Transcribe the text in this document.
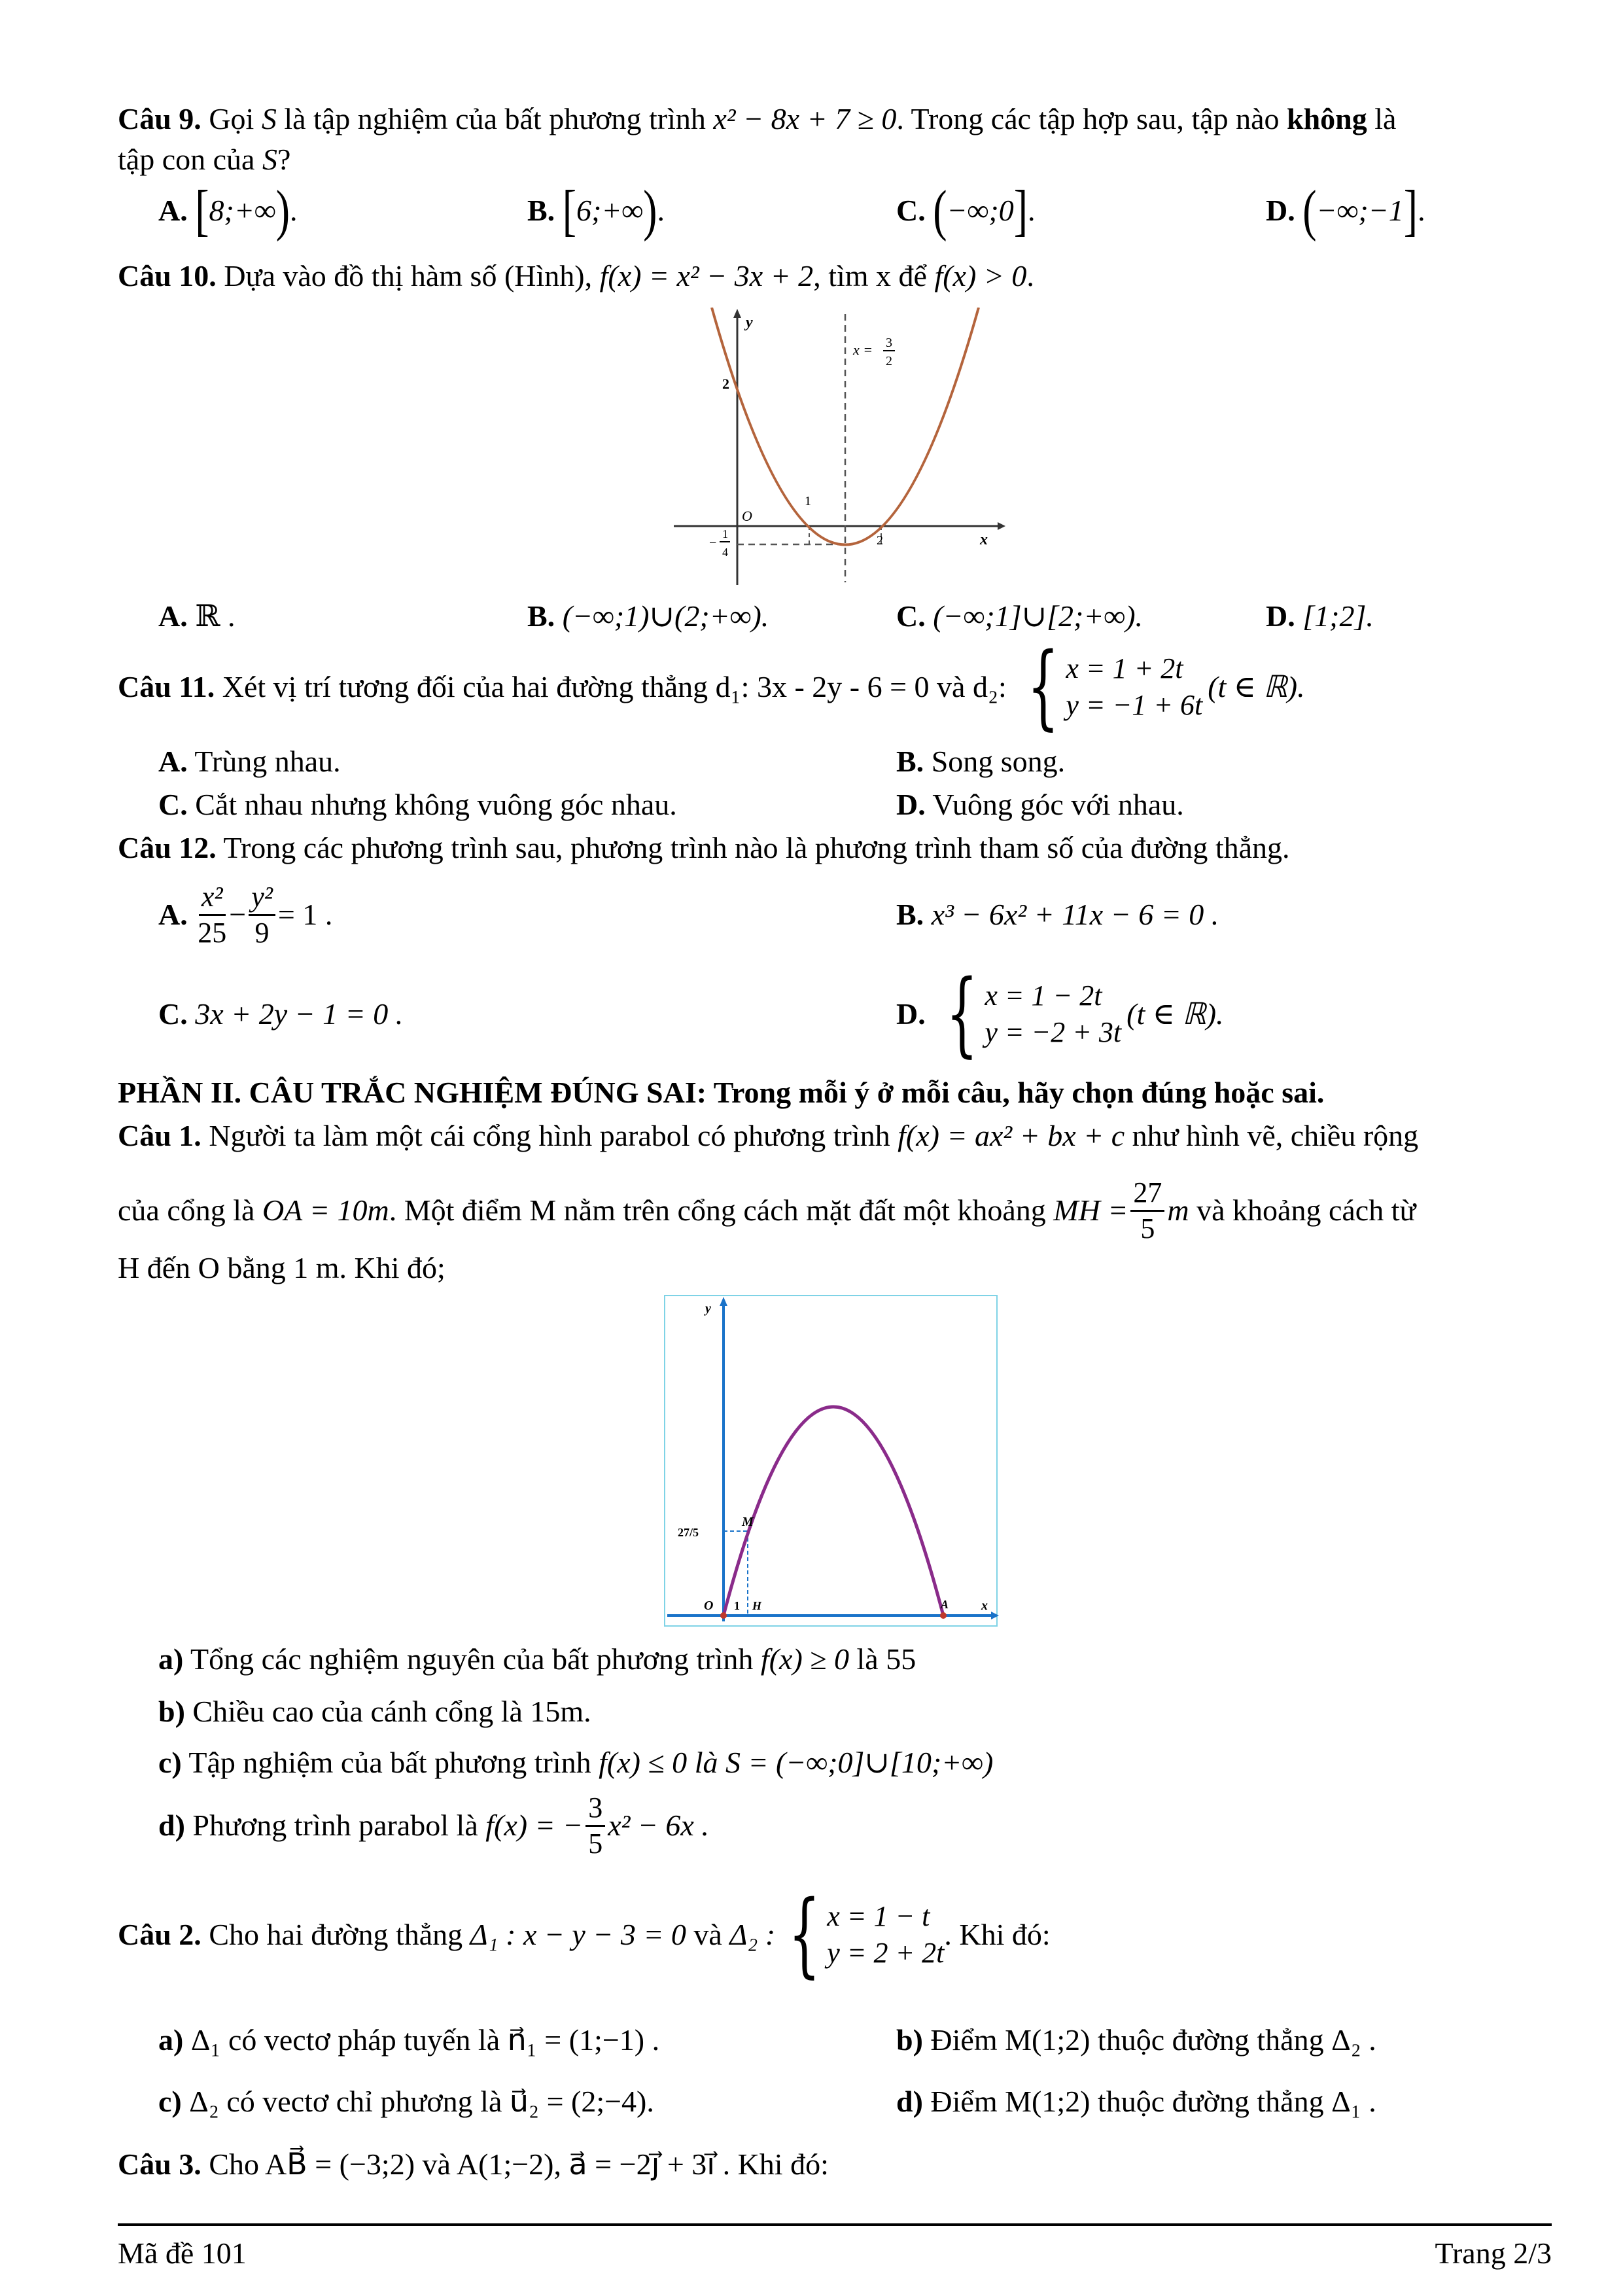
Câu 9. Gọi S là tập nghiệm của bất phương trình x² − 8x + 7 ≥ 0. Trong các tập hợp sau, tập nào không là
tập con của S?
A. [8;+∞).	B. [6;+∞).	C. (−∞;0].	D. (−∞;−1].
Câu 10. Dựa vào đồ thị hàm số (Hình), f(x) = x² − 3x + 2, tìm x để f(x) > 0.
y
x
O
2
1
2
x = 3
2
−
1
4
A. ℝ .	B. (−∞;1)∪(2;+∞).	C. (−∞;1]∪[2;+∞).	D. [1;2].
Câu 11. Xét vị trí tương đối của hai đường thẳng d₁: 3x - 2y - 6 = 0 và d₂: { x = 1 + 2t
y = −1 + 6t
(t ∈ ℝ).
A. Trùng nhau.	B. Song song.
C. Cắt nhau nhưng không vuông góc nhau.	D. Vuông góc với nhau.
Câu 12. Trong các phương trình sau, phương trình nào là phương trình tham số của đường thẳng.
A.
$\frac{\text{x²}}{25} - \frac{\text{y²}}{9} = 1$ .	B. x³ − 6x² + 11x − 6 = 0 .
C. 3x + 2y − 1 = 0 .	D.
{ x = 1 − 2t
y = −2 + 3t
(t ∈ ℝ).
PHẦN II. CÂU TRẮC NGHIỆM ĐÚNG SAI: Trong mỗi ý ở mỗi câu, hãy chọn đúng hoặc sai.
Câu 1. Người ta làm một cái cổng hình parabol có phương trình f(x) = ax² + bx + c như hình vẽ, chiều rộng
của cổng là OA = 10m . Một điểm M nằm trên cổng cách mặt đất một khoảng MH = $\frac{27}{5}$ m và khoảng cách từ
H đến O bằng 1 m. Khi đó;
y
x
O 1 H	A
M
27/5
a) Tổng các nghiệm nguyên của bất phương trình f(x) ≥ 0 là 55
b) Chiều cao của cánh cổng là 15m.
c) Tập nghiệm của bất phương trình f(x) ≤ 0 là S = (−∞;0]∪[10;+∞)
d) Phương trình parabol là f(x) = − $\frac{3}{5} x^2 - 6x$ .
Câu 2. Cho hai đường thẳng Δ₁ : x − y − 3 = 0 và Δ₂ : { x = 1 − t
y = 2 + 2t
. Khi đó:
a) Δ₁ có vectơ pháp tuyến là n⃗₁ = (1;−1) .	b) Điểm M(1;2) thuộc đường thẳng Δ₂ .
c) Δ₂ có vectơ chỉ phương là u⃗₂ = (2;−4).	d) Điểm M(1;2) thuộc đường thẳng Δ₁ .
Câu 3. Cho AB⃗ = (−3;2) và A(1;−2), a⃗ = −2j⃗ + 3i⃗ . Khi đó:
Mã đề 101	Trang 2/3
